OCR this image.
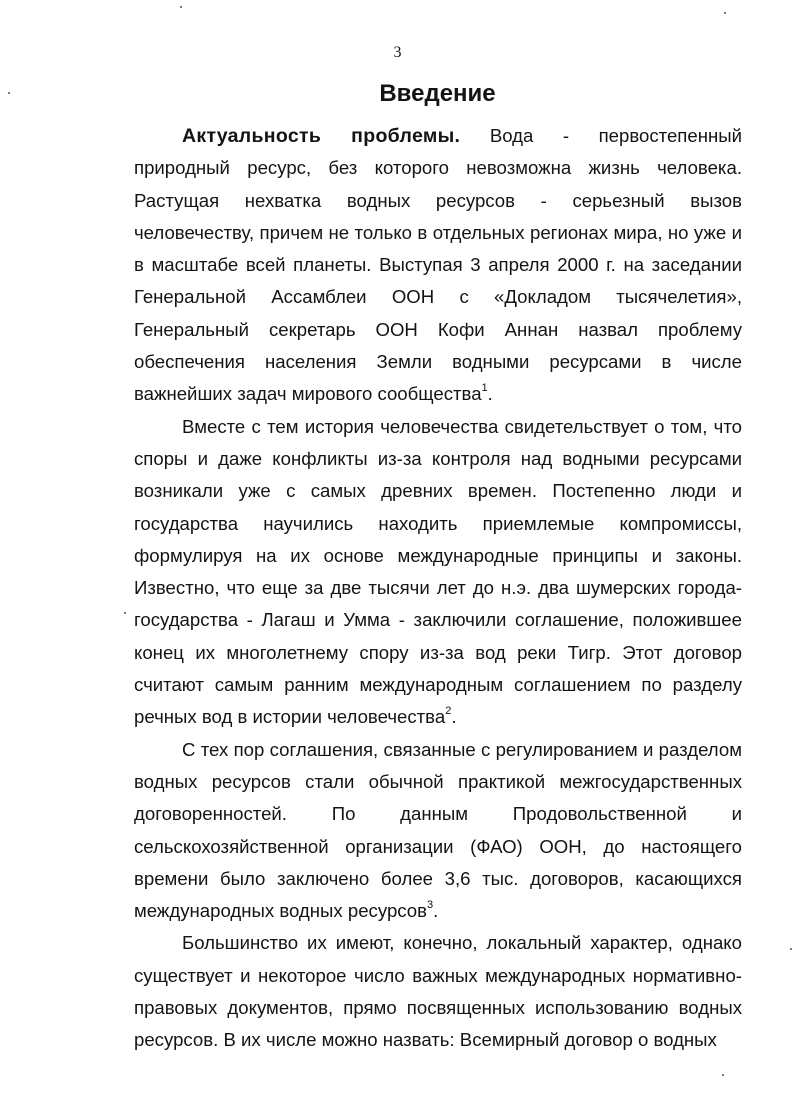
3
Введение

Актуальность проблемы. Вода - первостепенный природный ресурс, без которого невозможна жизнь человека. Растущая нехватка водных ресурсов - серьезный вызов человечеству, причем не только в отдельных регионах мира, но уже и в масштабе всей планеты. Выступая 3 апреля 2000 г. на заседании Генеральной Ассамблеи ООН с «Докладом тысячелетия», Генеральный секретарь ООН Кофи Аннан назвал проблему обеспечения населения Земли водными ресурсами в числе важнейших задач мирового сообщества$^1$.

Вместе с тем история человечества свидетельствует о том, что споры и даже конфликты из-за контроля над водными ресурсами возникали уже с самых древних времен. Постепенно люди и государства научились находить приемлемые компромиссы, формулируя на их основе международные принципы и законы. Известно, что еще за две тысячи лет до н.э. два шумерских города-государства - Лагаш и Умма - заключили соглашение, положившее конец их многолетнему спору из-за вод реки Тигр. Этот договор считают самым ранним международным соглашением по разделу речных вод в истории человечества$^2$.

С тех пор соглашения, связанные с регулированием и разделом водных ресурсов стали обычной практикой межгосударственных договоренностей. По данным Продовольственной и сельскохозяйственной организации (ФАО) ООН, до настоящего времени было заключено более 3,6 тыс. договоров, касающихся международных водных ресурсов$^3$.

Большинство их имеют, конечно, локальный характер, однако существует и некоторое число важных международных нормативно-правовых документов, прямо посвященных использованию водных ресурсов. В их числе можно назвать: Всемирный договор о водных
